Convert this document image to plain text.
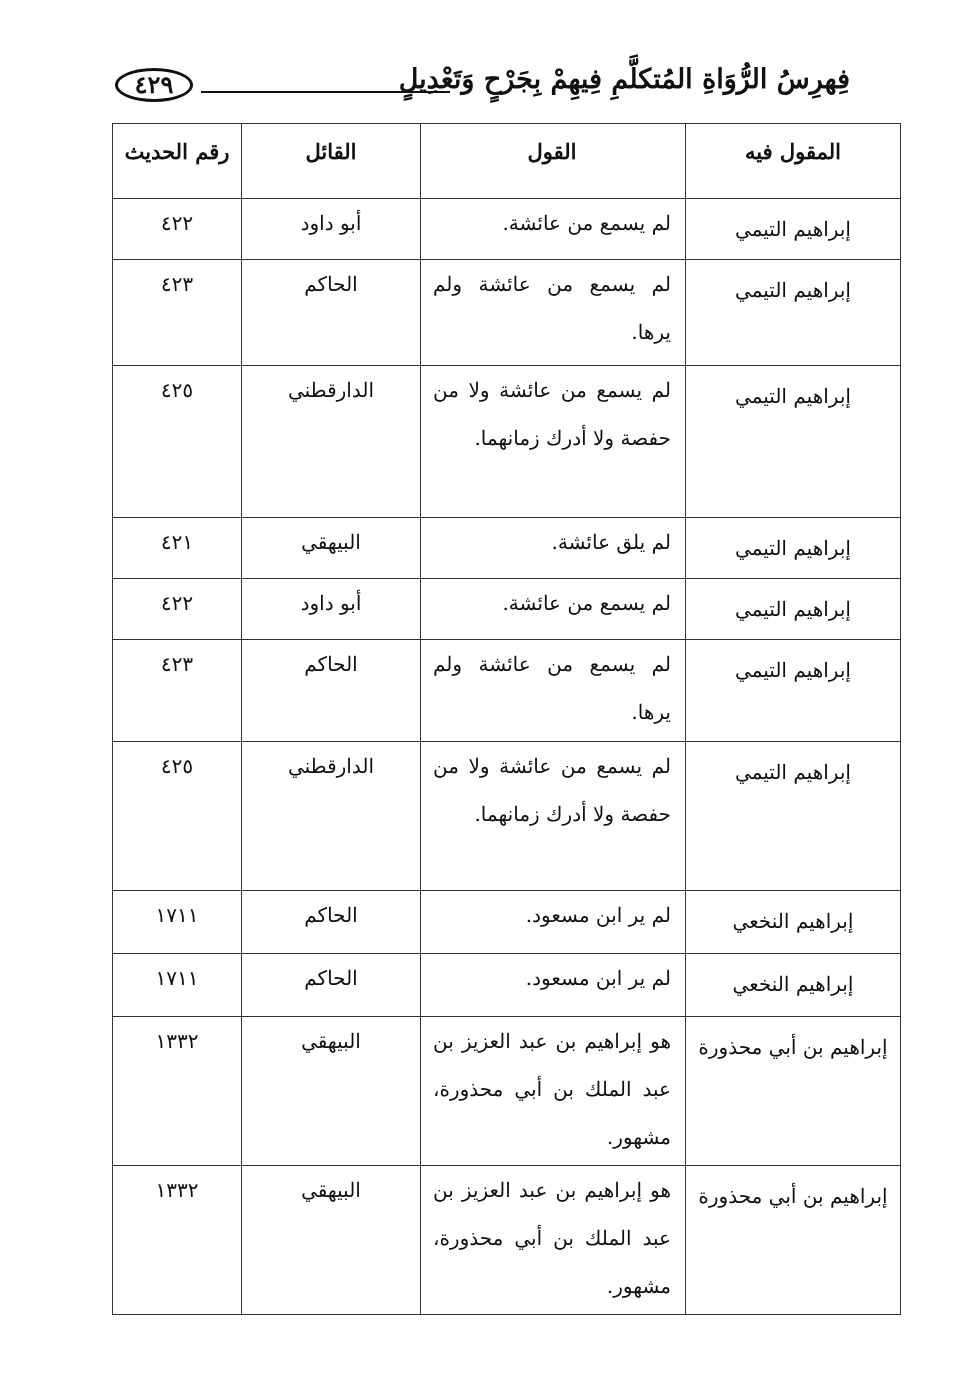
فِهرِسُ الرُّوَاةِ المُتكلَّمِ فِيهِمْ بِجَرْحٍ وَتَعْدِيلٍ
٤٢٩
المقول فيه	القول	القائل	رقم الحديث
إبراهيم التيمي	لم يسمع من عائشة.	أبو داود	٤٢٢
إبراهيم التيمي	لم يسمع من عائشة ولم يرها.	الحاكم	٤٢٣
إبراهيم التيمي	لم يسمع من عائشة ولا من حفصة ولا أدرك زمانهما.	الدارقطني	٤٢٥
إبراهيم التيمي	لم يلق عائشة.	البيهقي	٤٢١
إبراهيم التيمي	لم يسمع من عائشة.	أبو داود	٤٢٢
إبراهيم التيمي	لم يسمع من عائشة ولم يرها.	الحاكم	٤٢٣
إبراهيم التيمي	لم يسمع من عائشة ولا من حفصة ولا أدرك زمانهما.	الدارقطني	٤٢٥
إبراهيم النخعي	لم ير ابن مسعود.	الحاكم	١٧١١
إبراهيم النخعي	لم ير ابن مسعود.	الحاكم	١٧١١
إبراهيم بن أبي محذورة	هو إبراهيم بن عبد العزيز بن عبد الملك بن أبي محذورة، مشهور.	البيهقي	١٣٣٢
إبراهيم بن أبي محذورة	هو إبراهيم بن عبد العزيز بن عبد الملك بن أبي محذورة، مشهور.	البيهقي	١٣٣٢
